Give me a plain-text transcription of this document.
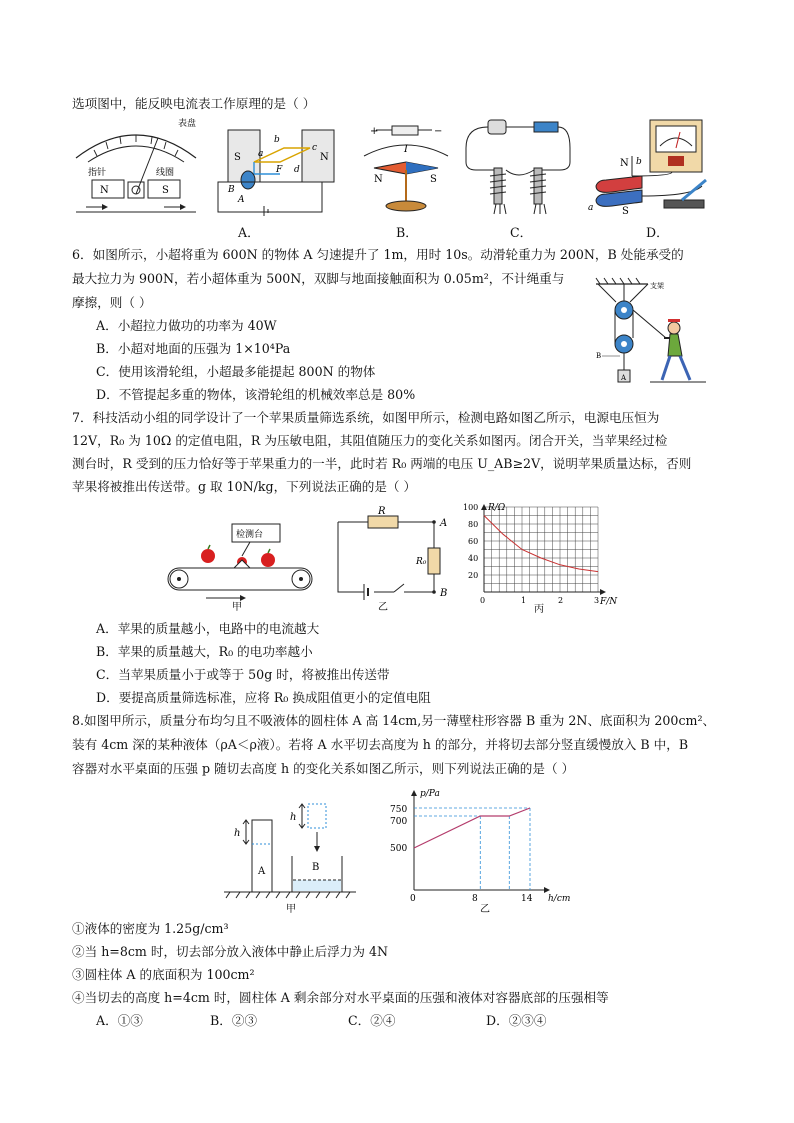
选项图中，能反映电流表工作原理的是（ ）
表盘
指针	线圈
N	S
S	N
b
c
a
d
F
B
A
+	−
I
N	S
N b
a	S
A．	B．	C．	D．
6．如图所示，小超将重为 600N 的物体 A 匀速提升了 1m，用时 10s。动滑轮重力为 200N，B 处能承受的
最大拉力为 900N，若小超体重为 500N，双脚与地面接触面积为 0.05m²，不计绳重与
摩擦，则（ ）
A．小超拉力做功的功率为 40W
B．小超对地面的压强为 1×10⁴Pa
C．使用该滑轮组，小超最多能提起 800N 的物体
D．不管提起多重的物体，该滑轮组的机械效率总是 80%
支架
B
A
7．科技活动小组的同学设计了一个苹果质量筛选系统，如图甲所示，检测电路如图乙所示，电源电压恒为
12V，R₀ 为 10Ω 的定值电阻，R 为压敏电阻，其阻值随压力的变化关系如图丙。闭合开关，当苹果经过检
测台时，R 受到的压力恰好等于苹果重力的一半，此时若 R₀ 两端的电压 U_AB≥2V，说明苹果质量达标，否则
苹果将被推出传送带。g 取 10N/kg，下列说法正确的是（ ）
检测台
甲
R
R₀
A
B
乙
R/Ω
F/N
0	1	2	3
20
40
60
80
100
丙
A．苹果的质量越小，电路中的电流越大
B．苹果的质量越大，R₀ 的电功率越小
C．当苹果质量小于或等于 50g 时，将被推出传送带
D．要提高质量筛选标准，应将 R₀ 换成阻值更小的定值电阻
8.如图甲所示，质量分布均匀且不吸液体的圆柱体 A 高 14cm,另一薄壁柱形容器 B 重为 2N、底面积为 200cm²、
装有 4cm 深的某种液体（ρA＜ρ液）。若将 A 水平切去高度为 h 的部分，并将切去部分竖直缓慢放入 B 中，B
容器对水平桌面的压强 p 随切去高度 h 的变化关系如图乙所示，则下列说法正确的是（ ）
A
h
h
B
甲
p/Pa
h/cm
500
700
750
0	8	14
乙
①液体的密度为 1.25g/cm³
②当 h=8cm 时，切去部分放入液体中静止后浮力为 4N
③圆柱体 A 的底面积为 100cm²
④当切去的高度 h=4cm 时，圆柱体 A 剩余部分对水平桌面的压强和液体对容器底部的压强相等
A．①③	B．②③	C．②④	D．②③④
